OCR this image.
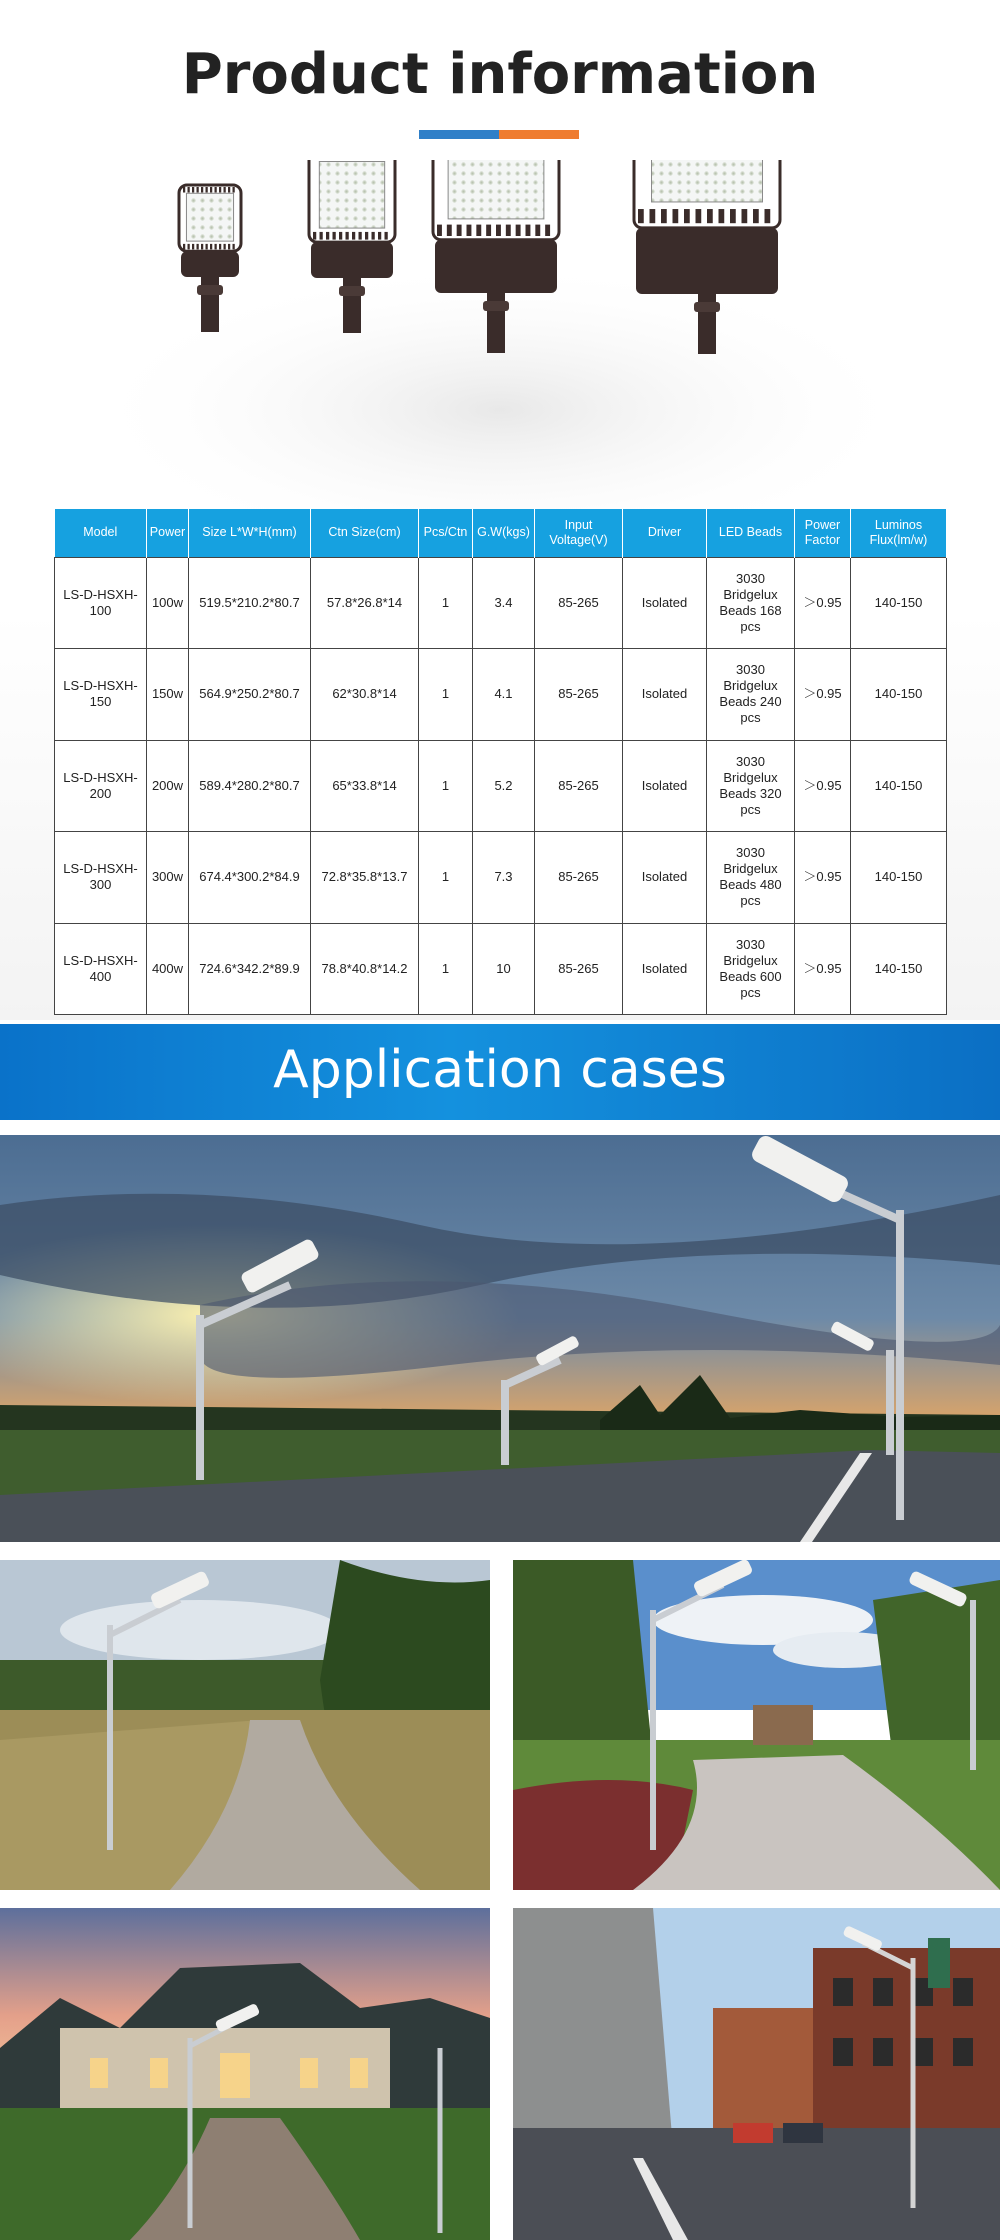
Product information
Model	Power	Size L*W*H(mm)	Ctn Size(cm)	Pcs/Ctn	G.W(kgs)	Input Voltage(V)	Driver	LED Beads	Power Factor	Luminos Flux(lm/w)
LS-D-HSXH-100	100w	519.5*210.2*80.7	57.8*26.8*14	1	3.4	85-265	Isolated	3030 Bridgelux Beads 168 pcs	＞0.95	140-150
LS-D-HSXH-150	150w	564.9*250.2*80.7	62*30.8*14	1	4.1	85-265	Isolated	3030 Bridgelux Beads 240 pcs	＞0.95	140-150
LS-D-HSXH-200	200w	589.4*280.2*80.7	65*33.8*14	1	5.2	85-265	Isolated	3030 Bridgelux Beads 320 pcs	＞0.95	140-150
LS-D-HSXH-300	300w	674.4*300.2*84.9	72.8*35.8*13.7	1	7.3	85-265	Isolated	3030 Bridgelux Beads 480 pcs	＞0.95	140-150
LS-D-HSXH-400	400w	724.6*342.2*89.9	78.8*40.8*14.2	1	10	85-265	Isolated	3030 Bridgelux Beads 600 pcs	＞0.95	140-150
Application cases
